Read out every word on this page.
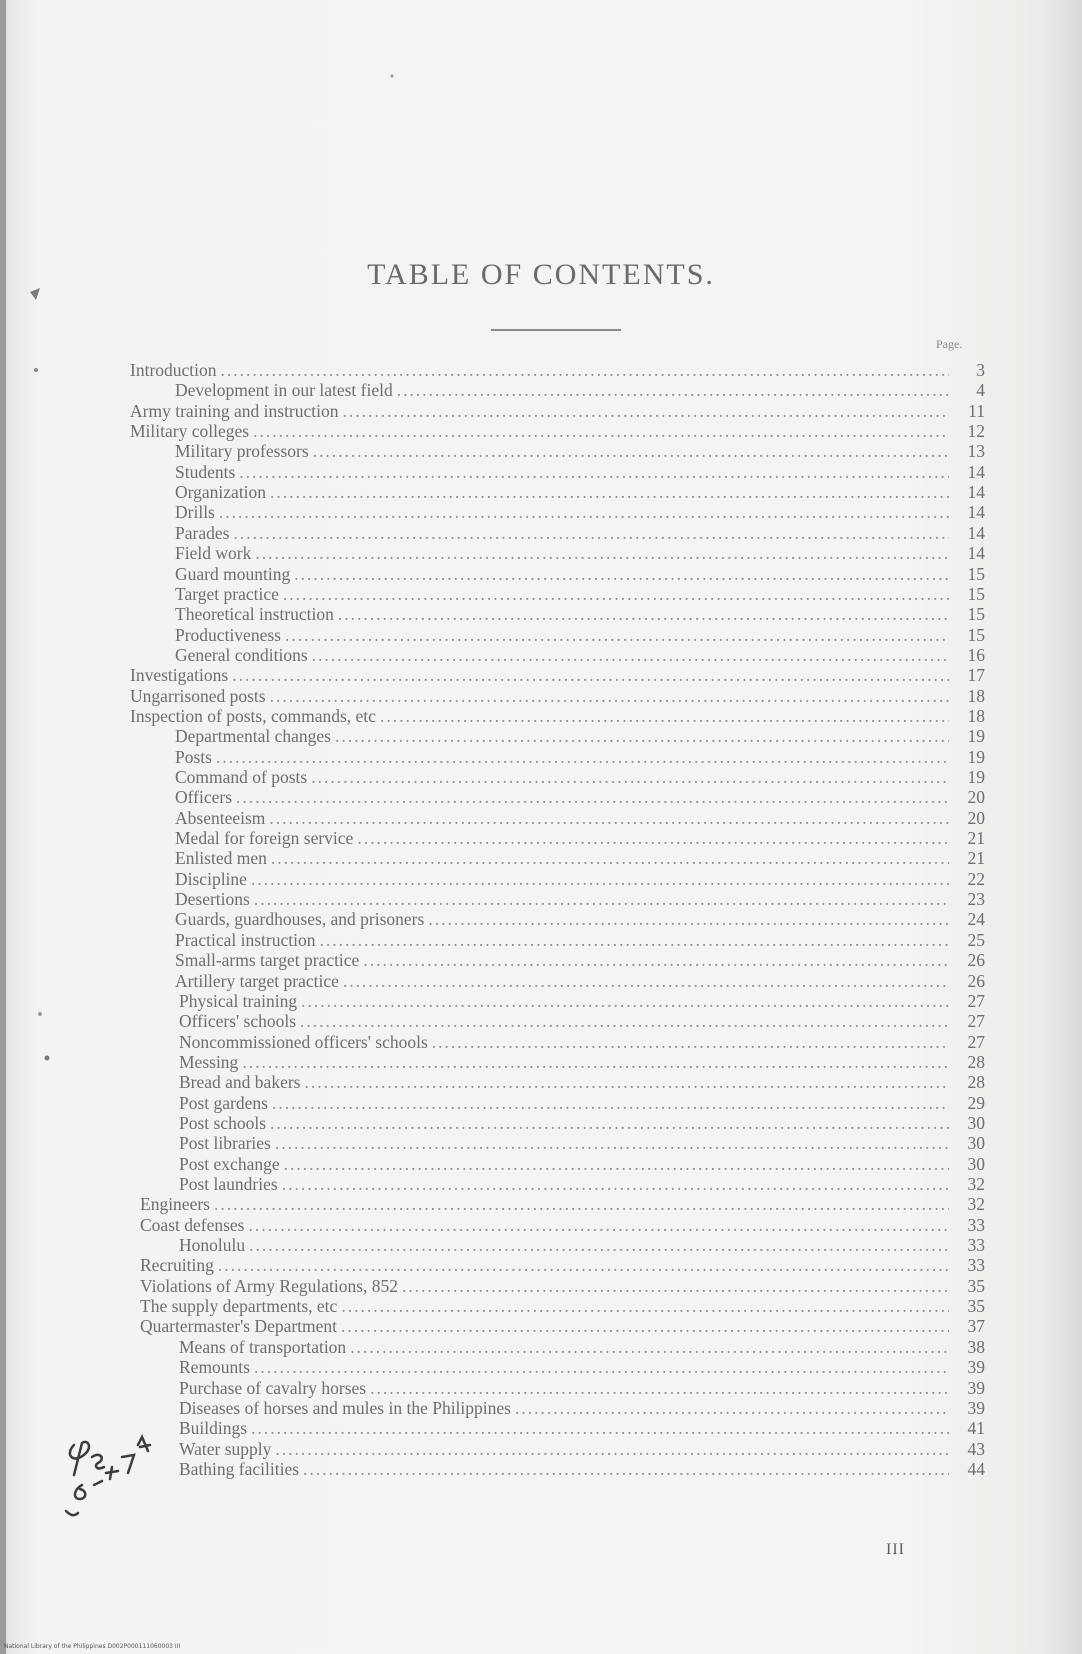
TABLE OF CONTENTS.
Page.
Introduction .....	3
Development in our latest field .....	4
Army training and instruction .....	11
Military colleges .....	12
Military professors .....	13
Students .....	14
Organization .....	14
Drills .....	14
Parades .....	14
Field work .....	14
Guard mounting .....	15
Target practice .....	15
Theoretical instruction .....	15
Productiveness .....	15
General conditions .....	16
Investigations .....	17
Ungarrisoned posts .....	18
Inspection of posts, commands, etc .....	18
Departmental changes .....	19
Posts .....	19
Command of posts .....	19
Officers .....	20
Absenteeism .....	20
Medal for foreign service .....	21
Enlisted men .....	21
Discipline .....	22
Desertions .....	23
Guards, guardhouses, and prisoners .....	24
Practical instruction .....	25
Small-arms target practice .....	26
Artillery target practice .....	26
Physical training .....	27
Officers' schools .....	27
Noncommissioned officers' schools .....	27
Messing .....	28
Bread and bakers .....	28
Post gardens .....	29
Post schools .....	30
Post libraries .....	30
Post exchange .....	30
Post laundries .....	32
Engineers .....	32
Coast defenses .....	33
Honolulu .....	33
Recruiting .....	33
Violations of Army Regulations, 852 .....	35
The supply departments, etc .....	35
Quartermaster's Department .....	37
Means of transportation .....	38
Remounts .....	39
Purchase of cavalry horses .....	39
Diseases of horses and mules in the Philippines .....	39
Buildings .....	41
Water supply .....	43
Bathing facilities .....	44
III
National Library of the Philippines D002P000111060003 III
